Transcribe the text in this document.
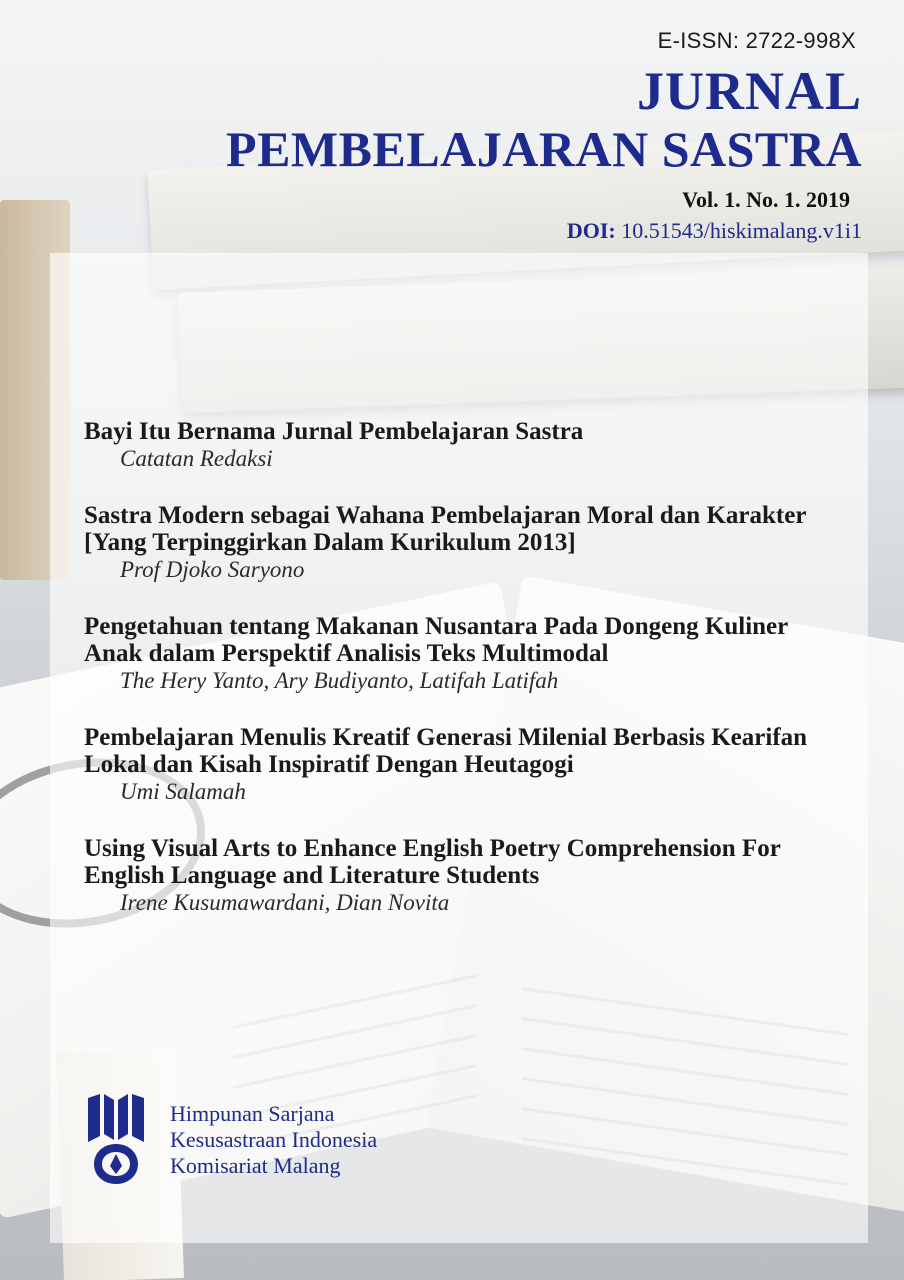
E-ISSN: 2722-998X
JURNAL
PEMBELAJARAN SASTRA
Vol. 1. No. 1. 2019
DOI: 10.51543/hiskimalang.v1i1
Bayi Itu Bernama Jurnal Pembelajaran Sastra
Catatan Redaksi
Sastra Modern sebagai Wahana Pembelajaran Moral dan Karakter [Yang Terpinggirkan Dalam Kurikulum 2013]
Prof Djoko Saryono
Pengetahuan tentang Makanan Nusantara Pada Dongeng Kuliner Anak dalam Perspektif Analisis Teks Multimodal
The Hery Yanto, Ary Budiyanto, Latifah Latifah
Pembelajaran Menulis Kreatif Generasi Milenial Berbasis Kearifan Lokal dan Kisah Inspiratif Dengan Heutagogi
Umi Salamah
Using Visual Arts to Enhance English Poetry Comprehension For English Language and Literature Students
Irene Kusumawardani, Dian Novita
Himpunan Sarjana
Kesusastraan Indonesia
Komisariat Malang
